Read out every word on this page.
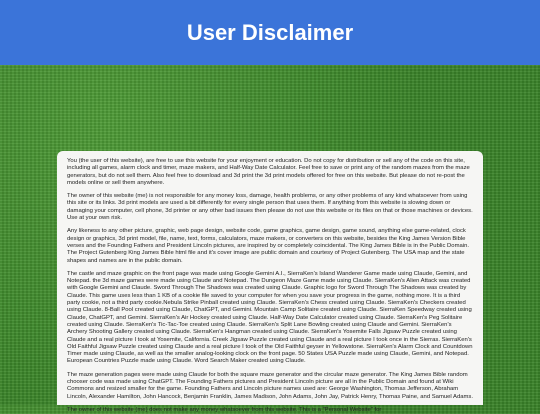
User Disclaimer

You (the user of this website), are free to use this website for your enjoyment or education. Do not copy for distribution or sell any of the code on this site, including all games, alarm clock and timer, maze makers, and Half-Way Date Calculator. Feel free to save or print any of the random mazes from the maze generators, but do not sell them. Also feel free to download and 3d print the 3d print models offered for free on this website. But please do not re-post the models online or sell them anywhere.

The owner of this website (me) is not responsible for any money loss, damage, health problems, or any other problems of any kind whatsoever from using this site or its links. 3d print models are used a bit differently for every single person that uses them. If anything from this website is slowing down or damaging your computer, cell phone, 3d printer or any other bad issues then please do not use this website or its files on that or those machines or devices. Use at your own risk.

Any likeness to any other picture, graphic, web page design, website code, game graphics, game design, game sound, anything else game-related, clock design or graphics, 3d print model, file, name, text, forms, calculators, maze makers, or converters on this website, besides the King James Version Bible verses and the Founding Fathers and President Lincoln pictures, are inspired by or completely coincidental. The King James Bible is in the Public Domain. The Project Gutenberg King James Bible html file and it's cover image are public domain and courtesy of Project Gutenberg. The USA map and the state shapes and names are in the public domain.

The castle and maze graphic on the front page was made using Google Gemini A.I., SierraKen's Island Wanderer Game made using Claude, Gemini, and Notepad. the 3d maze games were made using Claude and Notepad. The Dungeon Maze Game made using Claude. SierraKen's Alien Attack was created with Google Gemini and Claude. Sword Through The Shadows was created using Claude. Graphic logo for Sword Through The Shadows was created by Claude. This game uses less than 1 KB of a cookie file saved to your computer for when you save your progress in the game, nothing more. It is a third party cookie, not a third party cookie.Nebula Strike Pinball created using Claude. SierraKen's Chess created using Claude. SierraKen's Checkers created using Claude. 8-Ball Pool created using Claude, ChatGPT, and Gemini. Mountain Camp Solitaire created using Claude. SierraKen Speedway created using Claude, ChatGPT, and Gemini. SierraKen's Air Hockey created using Claude. Half-Way Date Calculator created using Claude. SierraKen's Peg Solitaire created using Claude. SierraKen's Tic-Tac-Toe created using Claude. SierraKen's Split Lane Bowling created using Claude and Gemini. SierraKen's Archery Shooting Gallery created using Claude. SierraKen's Hangman created using Claude. SierraKen's Yosemite Falls Jigsaw Puzzle created using Claude and a real picture I took at Yosemite, California. Creek Jigsaw Puzzle created using Claude and a real picture I took once in the Sierras. SierraKen's Old Faithful Jigsaw Puzzle created using Claude and a real picture I took of the Old Faithful geyser in Yellowstone. SierraKen's Alarm Clock and Countdown Timer made using Claude, as well as the smaller analog-looking clock on the front page. 50 States USA Puzzle made using Claude, Gemini, and Notepad. European Countries Puzzle made using Claude. Word Search Maker created using Claude.

The maze generation pages were made using Claude for both the square maze generator and the circular maze generator. The King James Bible random chooser code was made using ChatGPT. The Founding Fathers pictures and President Lincoln picture are all in the Public Domain and found at Wiki Commons and resized smaller for the game. Founding Fathers and Lincoln picture names used are: George Washington, Thomas Jefferson, Abraham Lincoln, Alexander Hamilton, John Hancock, Benjamin Franklin, James Madison, John Adams, John Jay, Patrick Henry, Thomas Paine, and Samuel Adams.

The owner of this website (me) does not make any money whatsoever from this website. This is a "Personal Website" for
